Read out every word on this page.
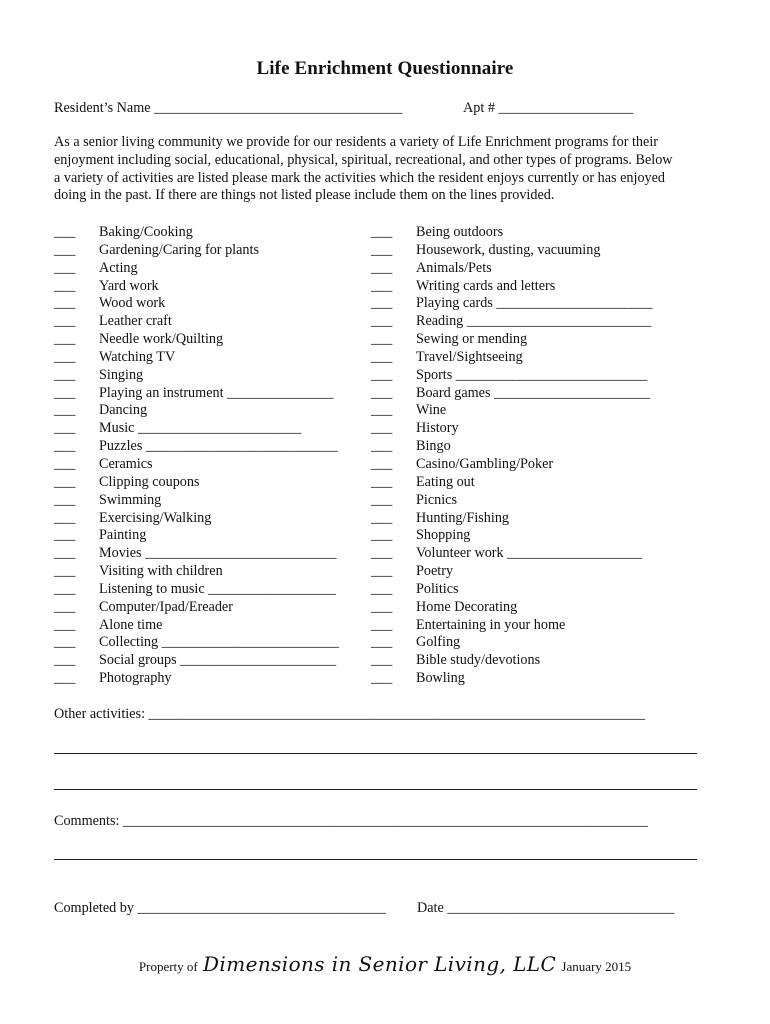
Life Enrichment Questionnaire
Resident’s Name ___________________________________	Apt # ___________________
As a senior living community we provide for our residents a variety of Life Enrichment programs for their
enjoyment including social, educational, physical, spiritual, recreational, and other types of programs. Below
a variety of activities are listed please mark the activities which the resident enjoys currently or has enjoyed
doing in the past. If there are things not listed please include them on the lines provided.
___ Baking/Cooking
___ Gardening/Caring for plants
___ Acting
___ Yard work
___ Wood work
___ Leather craft
___ Needle work/Quilting
___ Watching TV
___ Singing
___ Playing an instrument _______________
___ Dancing
___ Music _______________________
___ Puzzles ___________________________
___ Ceramics
___ Clipping coupons
___ Swimming
___ Exercising/Walking
___ Painting
___ Movies ___________________________
___ Visiting with children
___ Listening to music __________________
___ Computer/Ipad/Ereader
___ Alone time
___ Collecting _________________________
___ Social groups ______________________
___ Photography
___ Being outdoors
___ Housework, dusting, vacuuming
___ Animals/Pets
___ Writing cards and letters
___ Playing cards ______________________
___ Reading __________________________
___ Sewing or mending
___ Travel/Sightseeing
___ Sports ___________________________
___ Board games ______________________
___ Wine
___ History
___ Bingo
___ Casino/Gambling/Poker
___ Eating out
___ Picnics
___ Hunting/Fishing
___ Shopping
___ Volunteer work ___________________
___ Poetry
___ Politics
___ Home Decorating
___ Entertaining in your home
___ Golfing
___ Bible study/devotions
___ Bowling
Other activities: ______________________________________________________________________
Comments: __________________________________________________________________________
Completed by ___________________________________ Date ________________________________
Property of Dimensions in Senior Living, LLC January 2015
